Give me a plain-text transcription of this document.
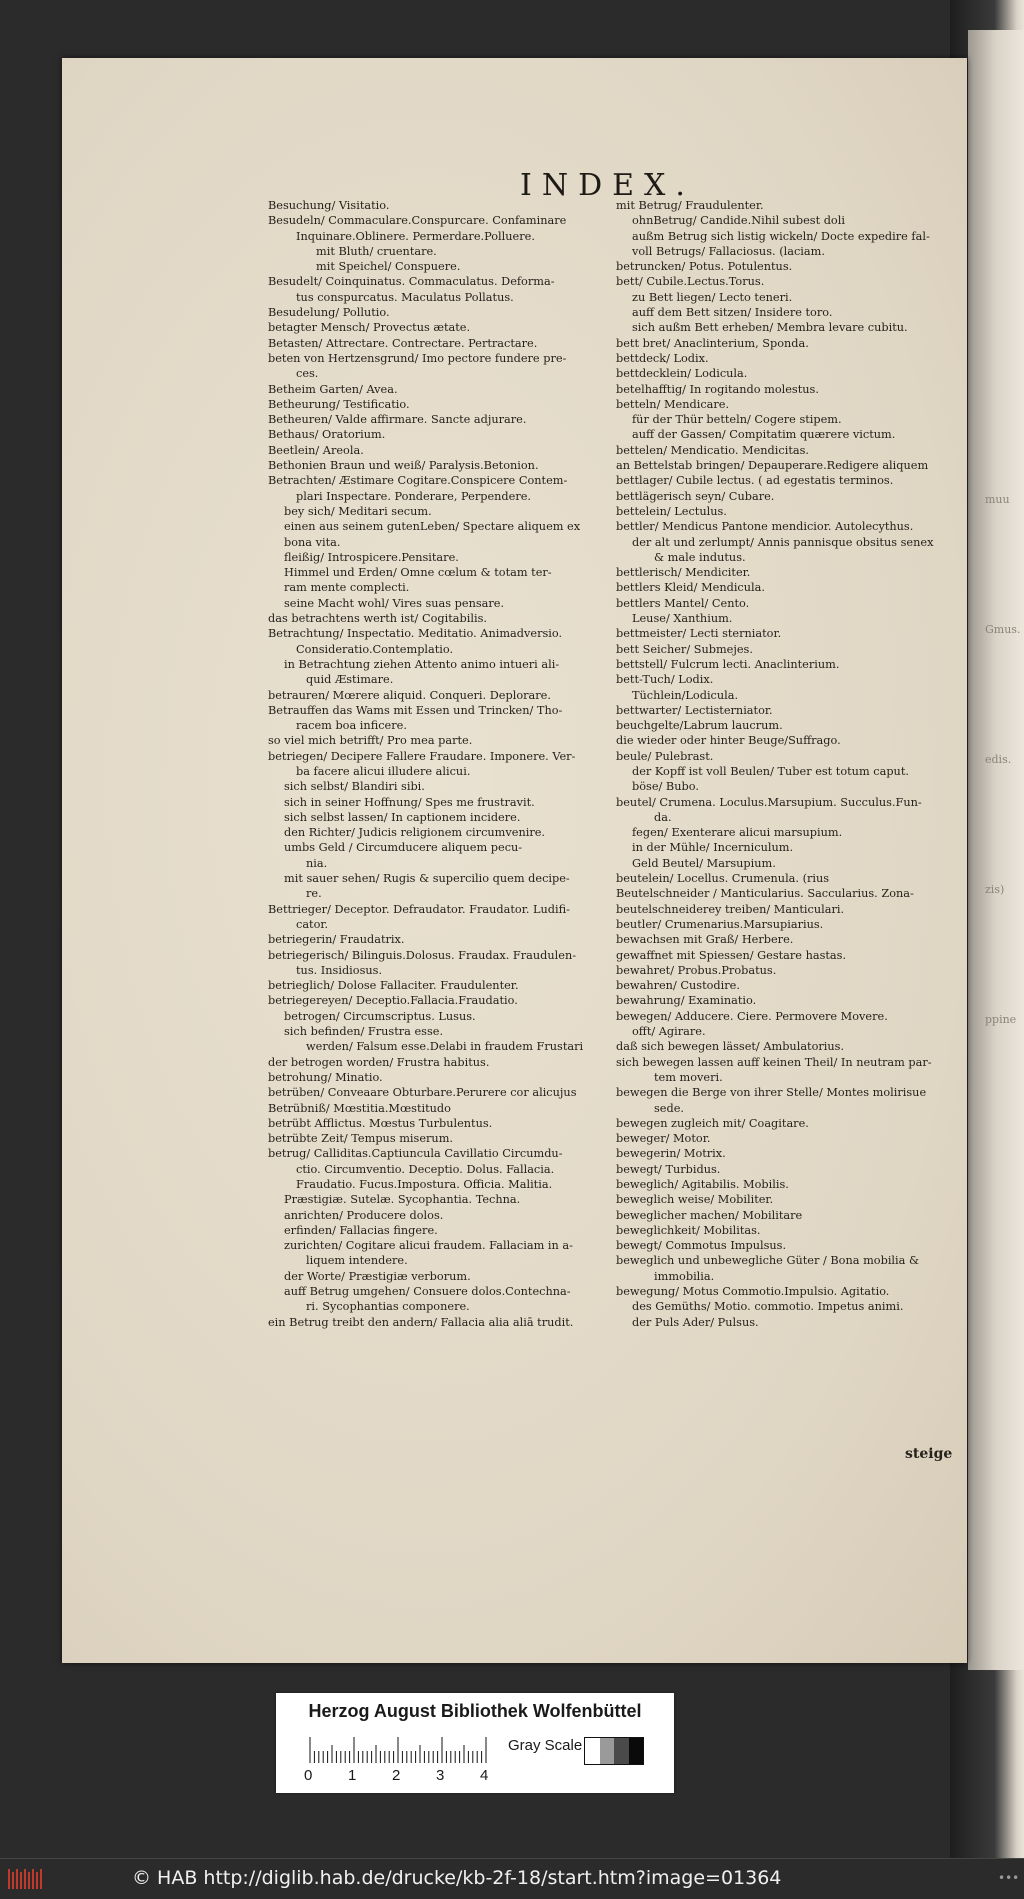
muu
Gmus.
edis.
zis)
ppine
INDEX.
Besuchung/ Visitatio.
Besudeln/ Commaculare.Conspurcare. Confaminare
Inquinare.Oblinere. Permerdare.Polluere.
mit Bluth/ cruentare.
mit Speichel/ Conspuere.
Besudelt/ Coinquinatus. Commaculatus. Deforma-
tus conspurcatus. Maculatus Pollatus.
Besudelung/ Pollutio.
betagter Mensch/ Provectus ætate.
Betasten/ Attrectare. Contrectare. Pertractare.
beten von Hertzensgrund/ Imo pectore fundere pre-
ces.
Betheim Garten/ Avea.
Betheurung/ Testificatio.
Betheuren/ Valde affirmare. Sancte adjurare.
Bethaus/ Oratorium.
Beetlein/ Areola.
Bethonien Braun und weiß/ Paralysis.Betonion.
Betrachten/ Æstimare Cogitare.Conspicere Contem-
plari Inspectare. Ponderare, Perpendere.
bey sich/ Meditari secum.
einen aus seinem gutenLeben/ Spectare aliquem ex
bona vita.
fleißig/ Introspicere.Pensitare.
Himmel und Erden/ Omne cœlum & totam ter-
ram mente complecti.
seine Macht wohl/ Vires suas pensare.
das betrachtens werth ist/ Cogitabilis.
Betrachtung/ Inspectatio. Meditatio. Animadversio.
Consideratio.Contemplatio.
in Betrachtung ziehen Attento animo intueri ali-
quid Æstimare.
betrauren/ Mœrere aliquid. Conqueri. Deplorare.
Betrauffen das Wams mit Essen und Trincken/ Tho-
racem boa inficere.
so viel mich betrifft/ Pro mea parte.
betriegen/ Decipere Fallere Fraudare. Imponere. Ver-
ba facere alicui illudere alicui.
sich selbst/ Blandiri sibi.
sich in seiner Hoffnung/ Spes me frustravit.
sich selbst lassen/ In captionem incidere.
den Richter/ Judicis religionem circumvenire.
umbs Geld / Circumducere aliquem pecu-
nia.
mit sauer sehen/ Rugis & supercilio quem decipe-
re.
Bettrieger/ Deceptor. Defraudator. Fraudator. Ludifi-
cator.
betriegerin/ Fraudatrix.
betriegerisch/ Bilinguis.Dolosus. Fraudax. Fraudulen-
tus. Insidiosus.
betrieglich/ Dolose Fallaciter. Fraudulenter.
betriegereyen/ Deceptio.Fallacia.Fraudatio.
betrogen/ Circumscriptus. Lusus.
sich befinden/ Frustra esse.
werden/ Falsum esse.Delabi in fraudem Frustari
der betrogen worden/ Frustra habitus.
betrohung/ Minatio.
betrüben/ Conveaare Obturbare.Perurere cor alicujus
Betrübniß/ Mœstitia.Mœstitudo
betrübt Afflictus. Mœstus Turbulentus.
betrübte Zeit/ Tempus miserum.
betrug/ Calliditas.Captiuncula Cavillatio Circumdu-
ctio. Circumventio. Deceptio. Dolus. Fallacia.
Fraudatio. Fucus.Impostura. Officia. Malitia.
Præstigiæ. Sutelæ. Sycophantia. Techna.
anrichten/ Producere dolos.
erfinden/ Fallacias fingere.
zurichten/ Cogitare alicui fraudem. Fallaciam in a-
liquem intendere.
der Worte/ Præstigiæ verborum.
auff Betrug umgehen/ Consuere dolos.Contechna-
ri. Sycophantias componere.
ein Betrug treibt den andern/ Fallacia alia aliā trudit.
mit Betrug/ Fraudulenter.
ohnBetrug/ Candide.Nihil subest doli
außm Betrug sich listig wickeln/ Docte expedire fal-
voll Betrugs/ Fallaciosus. (laciam.
betruncken/ Potus. Potulentus.
bett/ Cubile.Lectus.Torus.
zu Bett liegen/ Lecto teneri.
auff dem Bett sitzen/ Insidere toro.
sich außm Bett erheben/ Membra levare cubitu.
bett bret/ Anaclinterium, Sponda.
bettdeck/ Lodix.
bettdecklein/ Lodicula.
betelhafftig/ In rogitando molestus.
betteln/ Mendicare.
für der Thür betteln/ Cogere stipem.
auff der Gassen/ Compitatim quærere victum.
bettelen/ Mendicatio. Mendicitas.
an Bettelstab bringen/ Depauperare.Redigere aliquem
bettlager/ Cubile lectus. ( ad egestatis terminos.
bettlägerisch seyn/ Cubare.
bettelein/ Lectulus.
bettler/ Mendicus Pantone mendicior. Autolecythus.
der alt und zerlumpt/ Annis pannisque obsitus senex
& male indutus.
bettlerisch/ Mendiciter.
bettlers Kleid/ Mendicula.
bettlers Mantel/ Cento.
Leuse/ Xanthium.
bettmeister/ Lecti sterniator.
bett Seicher/ Submejes.
bettstell/ Fulcrum lecti. Anaclinterium.
bett-Tuch/ Lodix.
Tüchlein/Lodicula.
bettwarter/ Lectisterniator.
beuchgelte/Labrum laucrum.
die wieder oder hinter Beuge/Suffrago.
beule/ Pulebrast.
der Kopff ist voll Beulen/ Tuber est totum caput.
böse/ Bubo.
beutel/ Crumena. Loculus.Marsupium. Succulus.Fun-
da.
fegen/ Exenterare alicui marsupium.
in der Mühle/ Incerniculum.
Geld Beutel/ Marsupium.
beutelein/ Locellus. Crumenula. (rius
Beutelschneider / Manticularius. Saccularius. Zona-
beutelschneiderey treiben/ Manticulari.
beutler/ Crumenarius.Marsupiarius.
bewachsen mit Graß/ Herbere.
gewaffnet mit Spiessen/ Gestare hastas.
bewahret/ Probus.Probatus.
bewahren/ Custodire.
bewahrung/ Examinatio.
bewegen/ Adducere. Ciere. Permovere Movere.
offt/ Agirare.
daß sich bewegen lässet/ Ambulatorius.
sich bewegen lassen auff keinen Theil/ In neutram par-
tem moveri.
bewegen die Berge von ihrer Stelle/ Montes molirisue
sede.
bewegen zugleich mit/ Coagitare.
beweger/ Motor.
bewegerin/ Motrix.
bewegt/ Turbidus.
beweglich/ Agitabilis. Mobilis.
beweglich weise/ Mobiliter.
beweglicher machen/ Mobilitare
beweglichkeit/ Mobilitas.
bewegt/ Commotus Impulsus.
beweglich und unbewegliche Güter / Bona mobilia &
immobilia.
bewegung/ Motus Commotio.Impulsio. Agitatio.
des Gemüths/ Motio. commotio. Impetus animi.
der Puls Ader/ Pulsus.
steige
Herzog August Bibliothek Wolfenbüttel
Gray Scale
0 1 2 3 4
© HAB http://diglib.hab.de/drucke/kb-2f-18/start.htm?image=01364	•••
